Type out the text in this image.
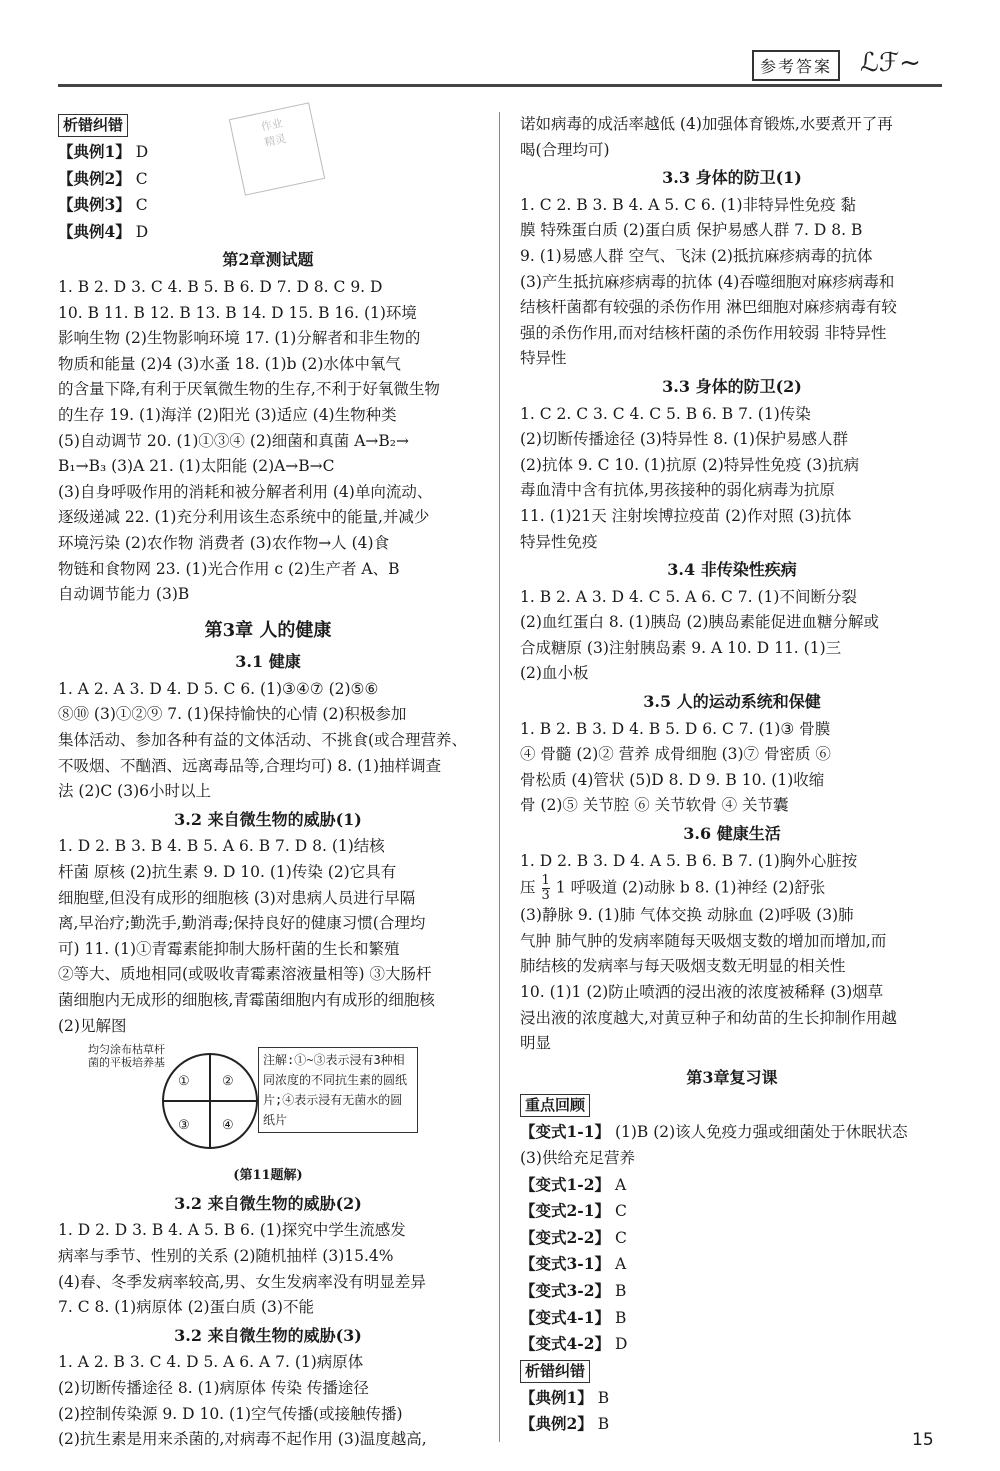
参考答案	ℒℱ~
作业
精灵
析错纠错
【典例1】 D
【典例2】 C
【典例3】 C
【典例4】 D
第2章测试题
1. B 2. D 3. C 4. B 5. B 6. D 7. D 8. C 9. D
10. B 11. B 12. B 13. B 14. D 15. B 16. (1)环境
影响生物 (2)生物影响环境 17. (1)分解者和非生物的
物质和能量 (2)4 (3)水蚤 18. (1)b (2)水体中氧气
的含量下降,有利于厌氧微生物的生存,不利于好氧微生物
的生存 19. (1)海洋 (2)阳光 (3)适应 (4)生物种类
(5)自动调节 20. (1)①③④ (2)细菌和真菌 A→B₂→
B₁→B₃ (3)A 21. (1)太阳能 (2)A→B→C
(3)自身呼吸作用的消耗和被分解者利用 (4)单向流动、
逐级递减 22. (1)充分利用该生态系统中的能量,并减少
环境污染 (2)农作物 消费者 (3)农作物→人 (4)食
物链和食物网 23. (1)光合作用 c (2)生产者 A、B
自动调节能力 (3)B
第3章 人的健康
3.1 健康
1. A 2. A 3. D 4. D 5. C 6. (1)③④⑦ (2)⑤⑥
⑧⑩ (3)①②⑨ 7. (1)保持愉快的心情 (2)积极参加
集体活动、参加各种有益的文体活动、不挑食(或合理营养、
不吸烟、不酗酒、远离毒品等,合理均可) 8. (1)抽样调查
法 (2)C (3)6小时以上
3.2 来自微生物的威胁(1)
1. D 2. B 3. B 4. B 5. A 6. B 7. D 8. (1)结核
杆菌 原核 (2)抗生素 9. D 10. (1)传染 (2)它具有
细胞壁,但没有成形的细胞核 (3)对患病人员进行早隔
离,早治疗;勤洗手,勤消毒;保持良好的健康习惯(合理均
可) 11. (1)①青霉素能抑制大肠杆菌的生长和繁殖
②等大、质地相同(或吸收青霉素溶液量相等) ③大肠杆
菌细胞内无成形的细胞核,青霉菌细胞内有成形的细胞核
(2)见解图
均匀涂布枯草杆菌的平板培养基
① ②
③ ④
注解:①~③表示浸有3种相同浓度的不同抗生素的圆纸片;④表示浸有无菌水的圆纸片
(第11题解)
3.2 来自微生物的威胁(2)
1. D 2. D 3. B 4. A 5. B 6. (1)探究中学生流感发
病率与季节、性别的关系 (2)随机抽样 (3)15.4%
(4)春、冬季发病率较高,男、女生发病率没有明显差异
7. C 8. (1)病原体 (2)蛋白质 (3)不能
3.2 来自微生物的威胁(3)
1. A 2. B 3. C 4. D 5. A 6. A 7. (1)病原体
(2)切断传播途径 8. (1)病原体 传染 传播途径
(2)控制传染源 9. D 10. (1)空气传播(或接触传播)
(2)抗生素是用来杀菌的,对病毒不起作用 (3)温度越高,
诺如病毒的成活率越低 (4)加强体育锻炼,水要煮开了再
喝(合理均可)
3.3 身体的防卫(1)
1. C 2. B 3. B 4. A 5. C 6. (1)非特异性免疫 黏
膜 特殊蛋白质 (2)蛋白质 保护易感人群 7. D 8. B
9. (1)易感人群 空气、飞沫 (2)抵抗麻疹病毒的抗体
(3)产生抵抗麻疹病毒的抗体 (4)吞噬细胞对麻疹病毒和
结核杆菌都有较强的杀伤作用 淋巴细胞对麻疹病毒有较
强的杀伤作用,而对结核杆菌的杀伤作用较弱 非特异性
特异性
3.3 身体的防卫(2)
1. C 2. C 3. C 4. C 5. B 6. B 7. (1)传染
(2)切断传播途径 (3)特异性 8. (1)保护易感人群
(2)抗体 9. C 10. (1)抗原 (2)特异性免疫 (3)抗病
毒血清中含有抗体,男孩接种的弱化病毒为抗原
11. (1)21天 注射埃博拉疫苗 (2)作对照 (3)抗体
特异性免疫
3.4 非传染性疾病
1. B 2. A 3. D 4. C 5. A 6. C 7. (1)不间断分裂
(2)血红蛋白 8. (1)胰岛 (2)胰岛素能促进血糖分解或
合成糖原 (3)注射胰岛素 9. A 10. D 11. (1)三
(2)血小板
3.5 人的运动系统和保健
1. B 2. B 3. D 4. B 5. D 6. C 7. (1)③ 骨膜
④ 骨髓 (2)② 营养 成骨细胞 (3)⑦ 骨密质 ⑥
骨松质 (4)管状 (5)D 8. D 9. B 10. (1)收缩
骨 (2)⑤ 关节腔 ⑥ 关节软骨 ④ 关节囊
3.6 健康生活
1. D 2. B 3. D 4. A 5. B 6. B 7. (1)胸外心脏按
压 $\frac{1}{3} 1$ 呼吸道 (2)动脉 b 8. (1)神经 (2)舒张
(3)静脉 9. (1)肺 气体交换 动脉血 (2)呼吸 (3)肺
气肿 肺气肿的发病率随每天吸烟支数的增加而增加,而
肺结核的发病率与每天吸烟支数无明显的相关性
10. (1)1 (2)防止喷洒的浸出液的浓度被稀释 (3)烟草
浸出液的浓度越大,对黄豆种子和幼苗的生长抑制作用越
明显
第3章复习课
重点回顾
【变式1-1】 (1)B (2)该人免疫力强或细菌处于休眠状态
(3)供给充足营养
【变式1-2】 A
【变式2-1】 C
【变式2-2】 C
【变式3-1】 A
【变式3-2】 B
【变式4-1】 B
【变式4-2】 D
析错纠错
【典例1】 B
【典例2】 B
15
